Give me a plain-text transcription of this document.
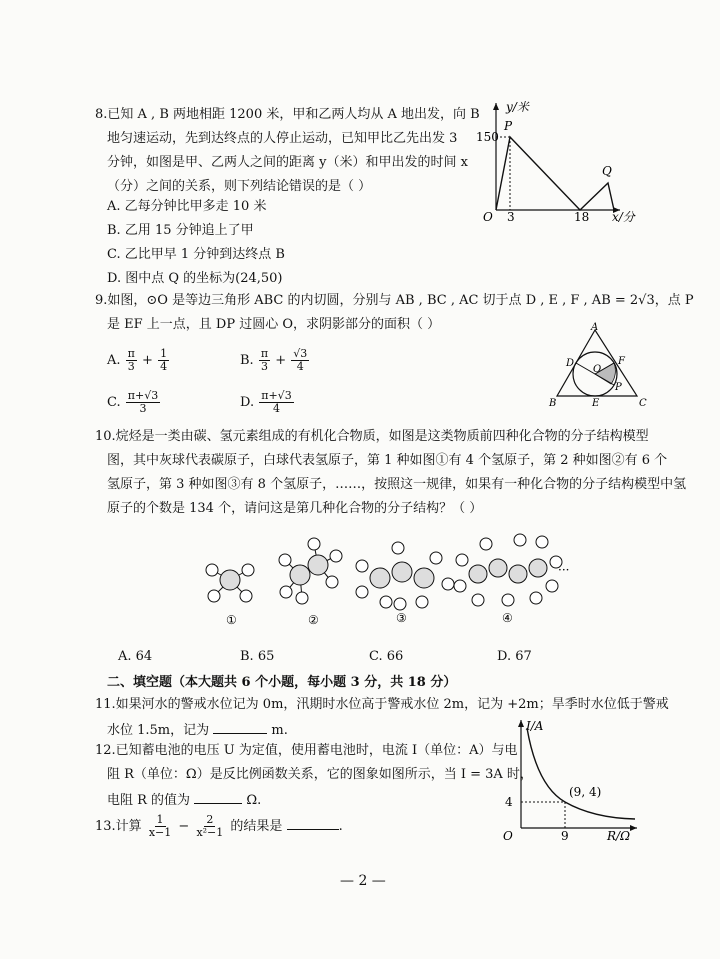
8.已知 A , B 两地相距 1200 米，甲和乙两人均从 A 地出发，向 B
地匀速运动，先到达终点的人停止运动，已知甲比乙先出发 3
分钟，如图是甲、乙两人之间的距离 y（米）和甲出发的时间 x
（分）之间的关系，则下列结论错误的是（ ）
A. 乙每分钟比甲多走 10 米
B. 乙用 15 分钟追上了甲
C. 乙比甲早 1 分钟到达终点 B
D. 图中点 Q 的坐标为(24,50)
150
y/米
O 3	18 x/分
P
Q
9.如图，⊙O 是等边三角形 ABC 的内切圆，分别与 AB , BC , AC 切于点 D , E , F , AB = 2√3，点 P
是 EF 上一点，且 DP 过圆心 O，求阴影部分的面积（ ）
A. $\frac{\pi}{3} + \frac{1}{4}$	B. $\frac{\pi}{3} + \frac{√3}{4}$
C. $\frac{\pi+√3}{3}$	D. $\frac{\pi+√3}{4}$
A
B	C
D
E
F
O
P
10.烷烃是一类由碳、氢元素组成的有机化合物质，如图是这类物质前四种化合物的分子结构模型
图，其中灰球代表碳原子，白球代表氢原子，第 1 种如图①有 4 个氢原子，第 2 种如图②有 6 个
氢原子，第 3 种如图③有 8 个氢原子，……，按照这一规律，如果有一种化合物的分子结构模型中氢
原子的个数是 134 个，请问这是第几种化合物的分子结构？（ ）
···
①	②	③	④
A. 64	B. 65	C. 66	D. 67
二、填空题（本大题共 6 个小题，每小题 3 分，共 18 分）
11.如果河水的警戒水位记为 0m，汛期时水位高于警戒水位 2m，记为 +2m；旱季时水位低于警戒
水位 1.5m，记为	m.
12.已知蓄电池的电压 U 为定值，使用蓄电池时，电流 I（单位：A）与电
阻 R（单位：Ω）是反比例函数关系，它的图象如图所示，当 I = 3A 时，
电阻 R 的值为	Ω.
I/A
R/Ω
O
4
9
(9, 4)
13.计算 $\frac{1}{x-1} - \frac{2}{\text{x²−1}}$ 的结果是	.
— 2 —
